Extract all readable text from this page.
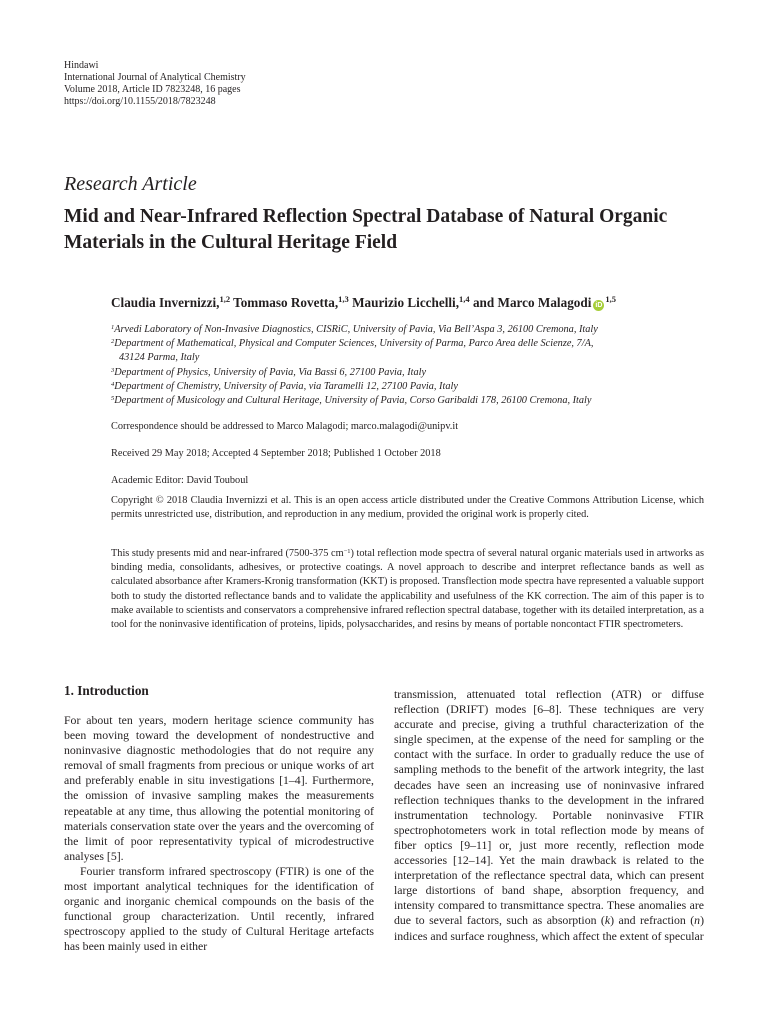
Hindawi
International Journal of Analytical Chemistry
Volume 2018, Article ID 7823248, 16 pages
https://doi.org/10.1155/2018/7823248
Research Article
Mid and Near-Infrared Reflection Spectral Database of Natural Organic Materials in the Cultural Heritage Field
Claudia Invernizzi,$^{1,2}$ Tommaso Rovetta,$^{1,3}$ Maurizio Licchelli,$^{1,4}$ and Marco Malagodi iD$^{1,5}$
$^1$Arvedi Laboratory of Non-Invasive Diagnostics, CISRiC, University of Pavia, Via Bell’Aspa 3, 26100 Cremona, Italy
$^2$Department of Mathematical, Physical and Computer Sciences, University of Parma, Parco Area delle Scienze, 7/A,
43124 Parma, Italy
$^3$Department of Physics, University of Pavia, Via Bassi 6, 27100 Pavia, Italy
$^4$Department of Chemistry, University of Pavia, via Taramelli 12, 27100 Pavia, Italy
$^5$Department of Musicology and Cultural Heritage, University of Pavia, Corso Garibaldi 178, 26100 Cremona, Italy

Correspondence should be addressed to Marco Malagodi; marco.malagodi@unipv.it

Received 29 May 2018; Accepted 4 September 2018; Published 1 October 2018

Academic Editor: David Touboul

Copyright © 2018 Claudia Invernizzi et al. This is an open access article distributed under the Creative Commons Attribution License, which permits unrestricted use, distribution, and reproduction in any medium, provided the original work is properly cited.

This study presents mid and near-infrared (7500-375 $cm^{-1}$) total reflection mode spectra of several natural organic materials used in artworks as binding media, consolidants, adhesives, or protective coatings. A novel approach to describe and interpret reflectance bands as well as calculated absorbance after Kramers-Kronig transformation (KKT) is proposed. Transflection mode spectra have represented a valuable support both to study the distorted reflectance bands and to validate the applicability and usefulness of the KK correction. The aim of this paper is to make available to scientists and conservators a comprehensive infrared reflection spectral database, together with its detailed interpretation, as a tool for the noninvasive identification of proteins, lipids, polysaccharides, and resins by means of portable noncontact FTIR spectrometers.

1. Introduction

For about ten years, modern heritage science community has been moving toward the development of nondestructive and noninvasive diagnostic methodologies that do not require any removal of small fragments from precious or unique works of art and preferably enable in situ investigations [1–4]. Furthermore, the omission of invasive sampling makes the measurements repeatable at any time, thus allowing the potential monitoring of materials conservation state over the years and the overcoming of the limit of poor representativity typical of microdestructive analyses [5].

Fourier transform infrared spectroscopy (FTIR) is one of the most important analytical techniques for the identification of organic and inorganic chemical compounds on the basis of the functional group characterization. Until recently, infrared spectroscopy applied to the study of Cultural Heritage artefacts has been mainly used in either

transmission, attenuated total reflection (ATR) or diffuse reflection (DRIFT) modes [6–8]. These techniques are very accurate and precise, giving a truthful characterization of the single specimen, at the expense of the need for sampling or the contact with the surface. In order to gradually reduce the use of sampling methods to the benefit of the artwork integrity, the last decades have seen an increasing use of noninvasive infrared reflection techniques thanks to the development in the infrared instrumentation technology. Portable noninvasive FTIR spectrophotometers work in total reflection mode by means of fiber optics [9–11] or, just more recently, reflection mode accessories [12–14]. Yet the main drawback is related to the interpretation of the reflectance spectral data, which can present large distortions of band shape, absorption frequency, and intensity compared to transmittance spectra. These anomalies are due to several factors, such as absorption (k) and refraction (n) indices and surface roughness, which affect the extent of specular
